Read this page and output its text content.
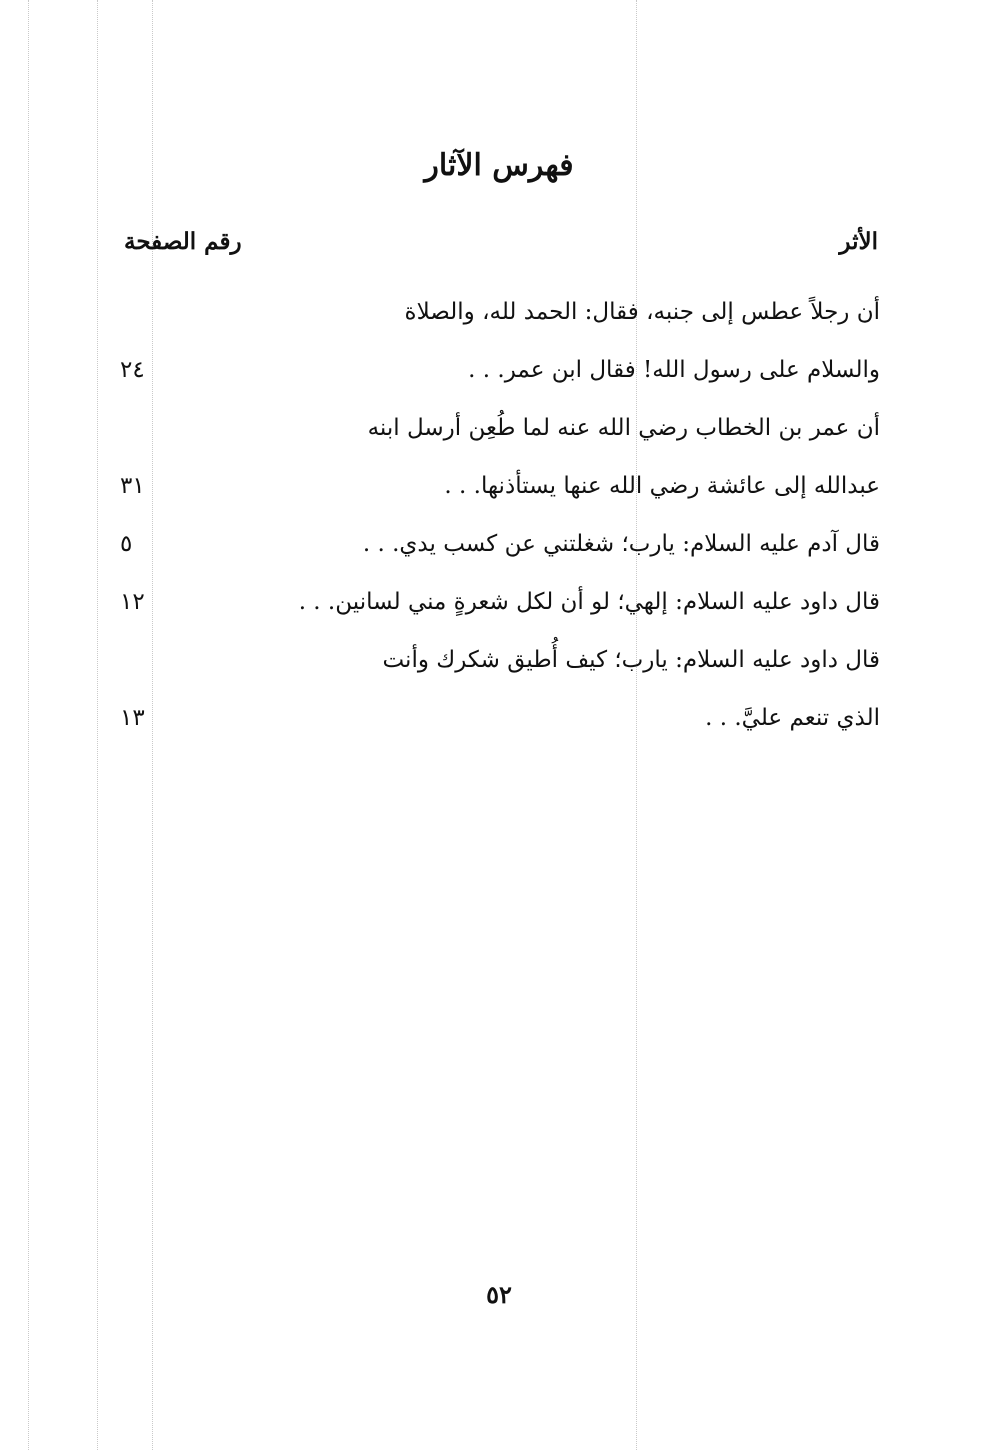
فهرس الآثار
الأثر
رقم الصفحة
أن رجلاً عطس إلى جنبه، فقال: الحمد لله، والصلاة
والسلام على رسول الله! فقال ابن عمر. . .
٢٤
أن عمر بن الخطاب رضي الله عنه لما طُعِن أرسل ابنه
عبدالله إلى عائشة رضي الله عنها يستأذنها. . .
٣١
قال آدم عليه السلام: يارب؛ شغلتني عن كسب يدي. . .
٥
قال داود عليه السلام: إلهي؛ لو أن لكل شعرةٍ مني لسانين. . .
١٢
قال داود عليه السلام: يارب؛ كيف أُطيق شكرك وأنت
الذي تنعم عليَّ. . .
١٣
٥٢
